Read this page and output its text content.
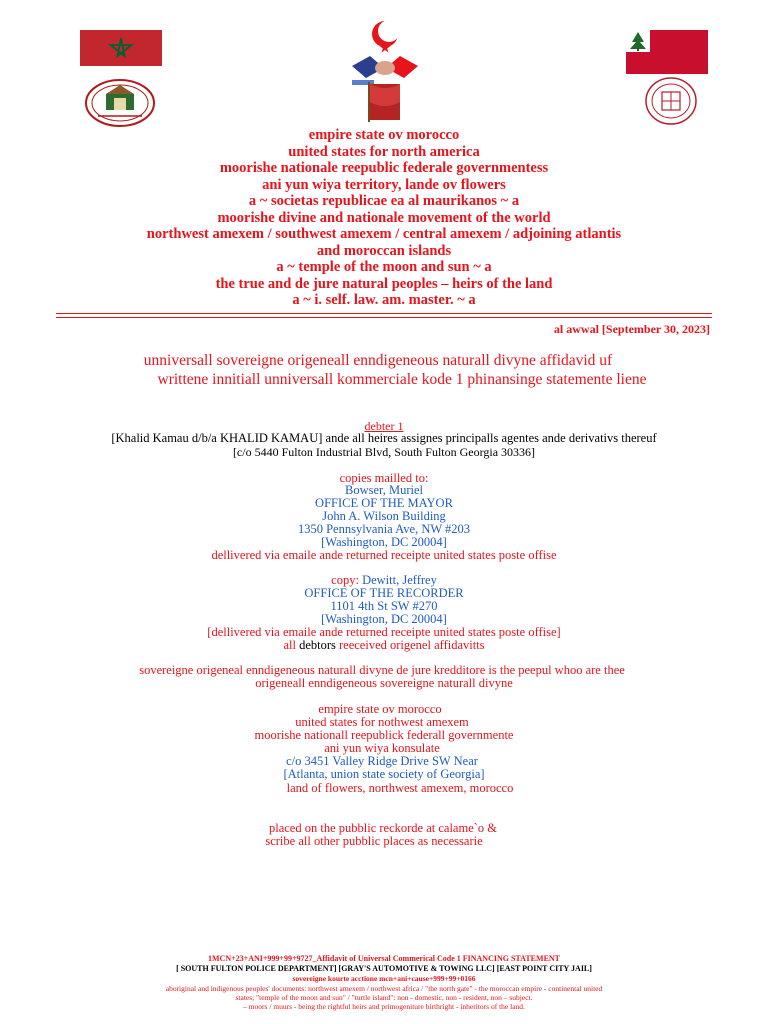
empire state ov morocco
united states for north america
moorishe nationale reepublic federale governmentess
ani yun wiya territory, lande ov flowers
a ~ societas republicae ea al maurikanos ~ a
moorishe divine and nationale movement of the world
northwest amexem / southwest amexem / central amexem / adjoining atlantis
and moroccan islands
a ~ temple of the moon and sun ~ a
the true and de jure natural peoples – heirs of the land
a ~ i. self. law. am. master. ~ a
al awwal [September 30, 2023]
unniversall sovereigne origeneall enndigeneous naturall divyne affidavid uf
writtene innitiall unniversall kommerciale kode 1 phinansinge statemente liene
debter 1
[Khalid Kamau d/b/a KHALID KAMAU] ande all heires assignes principalls agentes ande derivativs thereuf
[c/o 5440 Fulton Industrial Blvd, South Fulton Georgia 30336]
copies mailled to:
Bowser, Muriel
OFFICE OF THE MAYOR
John A. Wilson Building
1350 Pennsylvania Ave, NW #203
[Washington, DC 20004]
dellivered via emaile ande returned receipte united states poste offise
copy: Dewitt, Jeffrey
OFFICE OF THE RECORDER
1101 4th St SW #270
[Washington, DC 20004]
[dellivered via emaile ande returned receipte united states poste offise]
all debtors reeceived origenel affidavitts
sovereigne origeneal enndigeneous naturall divyne de jure kredditore is the peepul whoo are thee
origeneall enndigeneous sovereigne naturall divyne
empire state ov morocco
united states for nothwest amexem
moorishe nationall reepublick federall governmente
ani yun wiya konsulate
c/o 3451 Valley Ridge Drive SW Near
[Atlanta, union state society of Georgia]
land of flowers, northwest amexem, morocco
placed on the pubblic reckorde at calame`o &
scribe all other pubblic places as necessarie
1MCN+23+ANI+999+99+9727_Affidavit of Universal Commerical Code 1 FINANCING STATEMENT
[ SOUTH FULTON POLICE DEPARTMENT] [GRAY'S AUTOMOTIVE & TOWING LLC] [EAST POINT CITY JAIL]
sovereigne kourte acctione mcn+ani+cause+999+99+0166
aboriginal and indigenous peoples' documents: northwest amexem / northwest africa / "the north gate" - the moroccan empire - continental united
states; "temple of the moon and sun" / "turtle island": non - domestic, non - resident, non – subject.
– moors / muurs - being the rightful heirs and primogeniture birthright - inheritors of the land.
